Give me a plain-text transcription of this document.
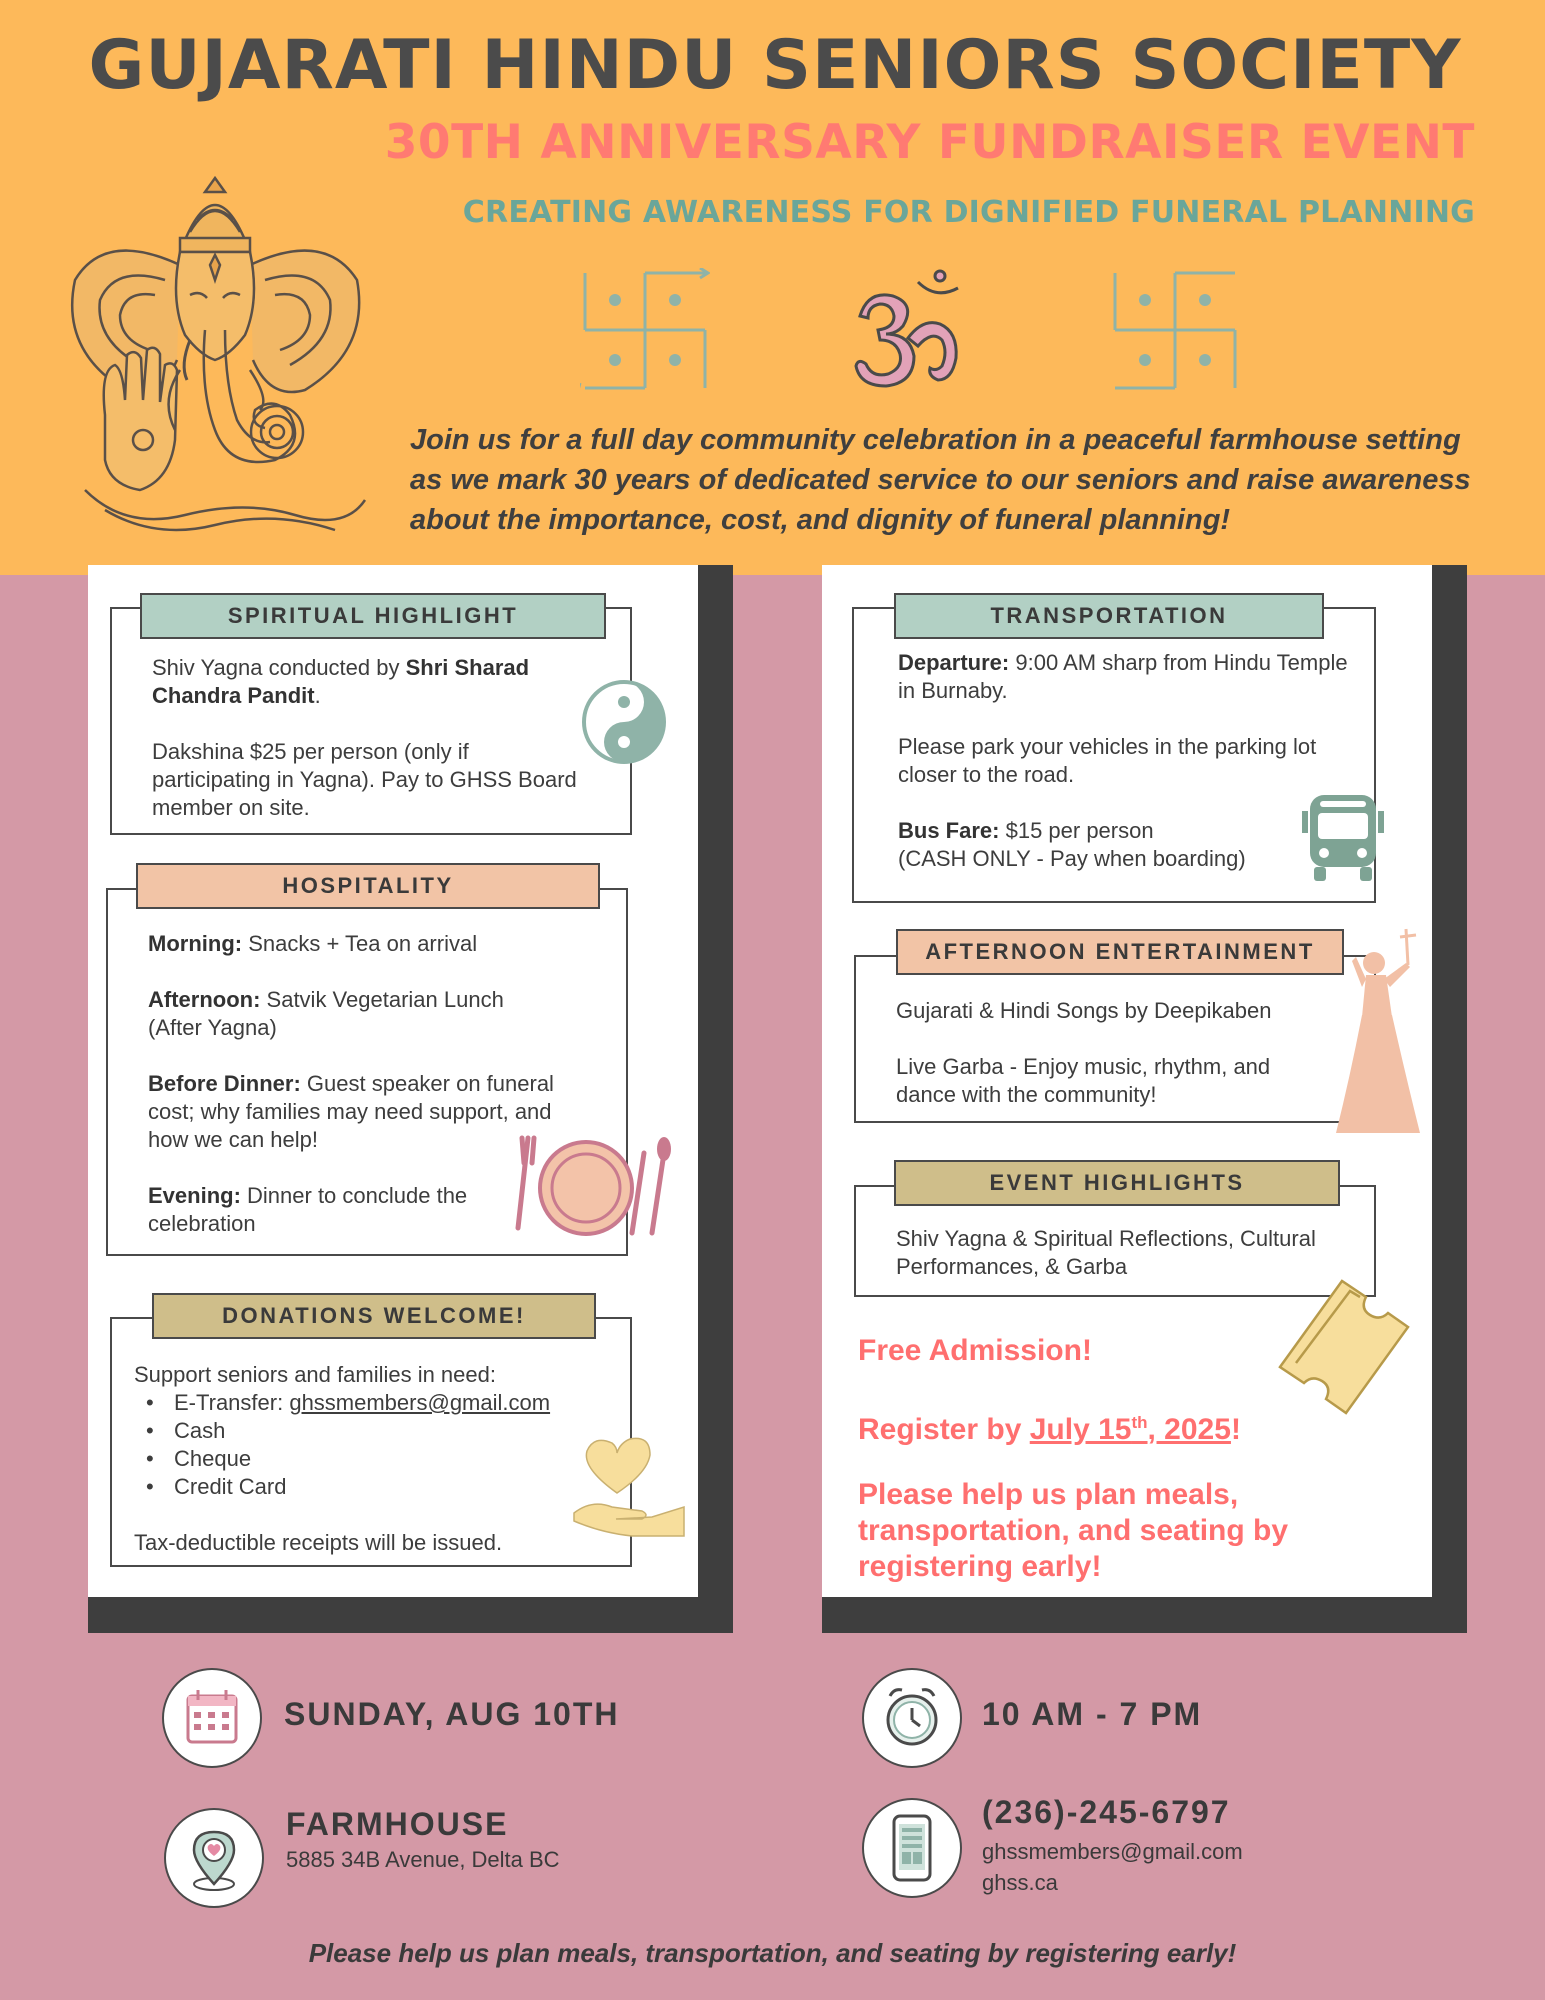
GUJARATI HINDU SENIORS SOCIETY
30TH ANNIVERSARY FUNDRAISER EVENT
CREATING AWARENESS FOR DIGNIFIED FUNERAL PLANNING
Join us for a full day community celebration in a peaceful farmhouse setting as we mark 30 years of dedicated service to our seniors and raise awareness about the importance, cost, and dignity of funeral planning!
Shiv Yagna conducted by Shri Sharad Chandra Pandit.
Dakshina $25 per person (only if participating in Yagna). Pay to GHSS Board member on site.
SPIRITUAL HIGHLIGHT
Morning: Snacks + Tea on arrival
Afternoon: Satvik Vegetarian Lunch (After Yagna)
Before Dinner: Guest speaker on funeral cost; why families may need support, and how we can help!
Evening: Dinner to conclude the celebration
HOSPITALITY
Support seniors and families in need:
• E-Transfer: ghssmembers@gmail.com
• Cash
• Cheque
• Credit Card
Tax-deductible receipts will be issued.
DONATIONS WELCOME!
Departure: 9:00 AM sharp from Hindu Temple in Burnaby.
Please park your vehicles in the parking lot closer to the road.
Bus Fare: $15 per person
(CASH ONLY - Pay when boarding)
TRANSPORTATION
Gujarati & Hindi Songs by Deepikaben
Live Garba - Enjoy music, rhythm, and dance with the community!
AFTERNOON ENTERTAINMENT
Shiv Yagna & Spiritual Reflections, Cultural Performances, & Garba
EVENT HIGHLIGHTS
Free Admission!
Register by July 15th, 2025!
Please help us plan meals, transportation, and seating by registering early!
SUNDAY, AUG 10TH	10 AM - 7 PM
FARMHOUSE
5885 34B Avenue, Delta BC
(236)-245-6797
ghssmembers@gmail.com
ghss.ca
Please help us plan meals, transportation, and seating by registering early!
